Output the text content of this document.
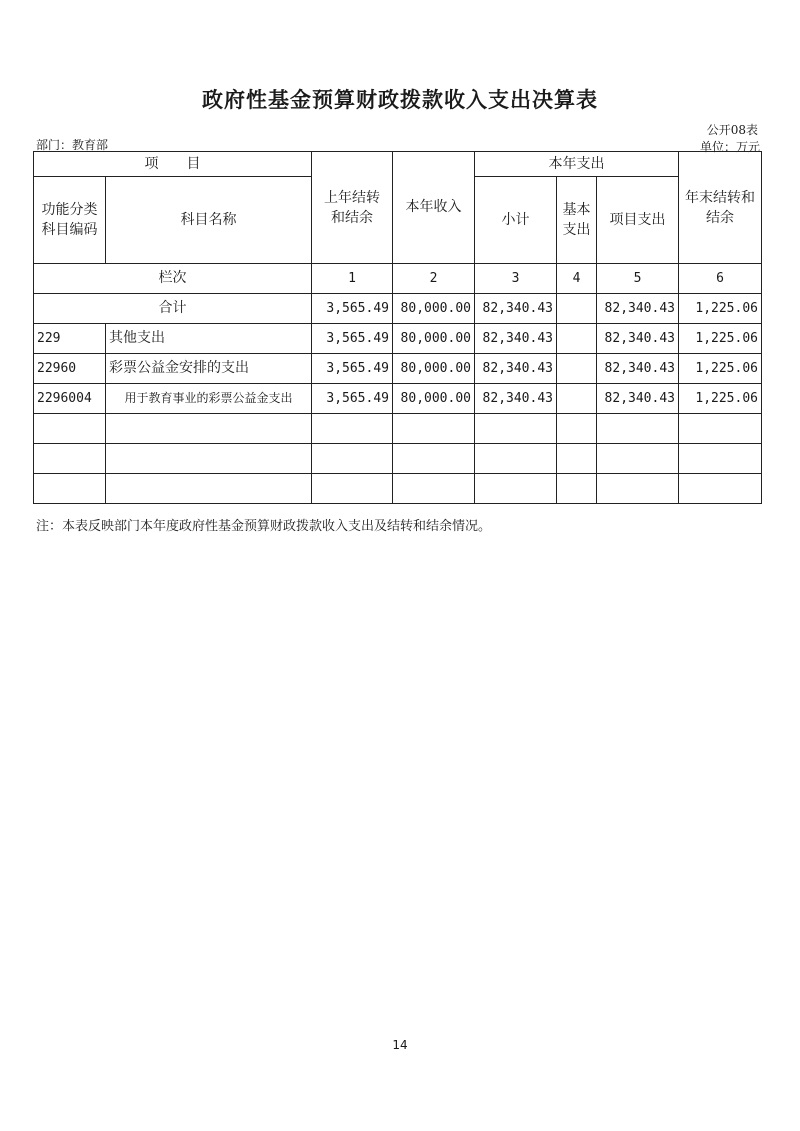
政府性基金预算财政拨款收入支出决算表
公开08表
部门：教育部	单位：万元
项　　目		上年结转和结余	本年收入	本年支出			年末结转和结余

功能分类科目编码	科目名称			小计	基本支出	项目支出	
栏次		1	2	3	4	5	6
合计		3,565.49	80,000.00	82,340.43		82,340.43	1,225.06
229	其他支出	3,565.49	80,000.00	82,340.43		82,340.43	1,225.06
22960	彩票公益金安排的支出	3,565.49	80,000.00	82,340.43		82,340.43	1,225.06
2296004	用于教育事业的彩票公益金支出	3,565.49	80,000.00	82,340.43		82,340.43	1,225.06

注：本表反映部门本年度政府性基金预算财政拨款收入支出及结转和结余情况。
14
